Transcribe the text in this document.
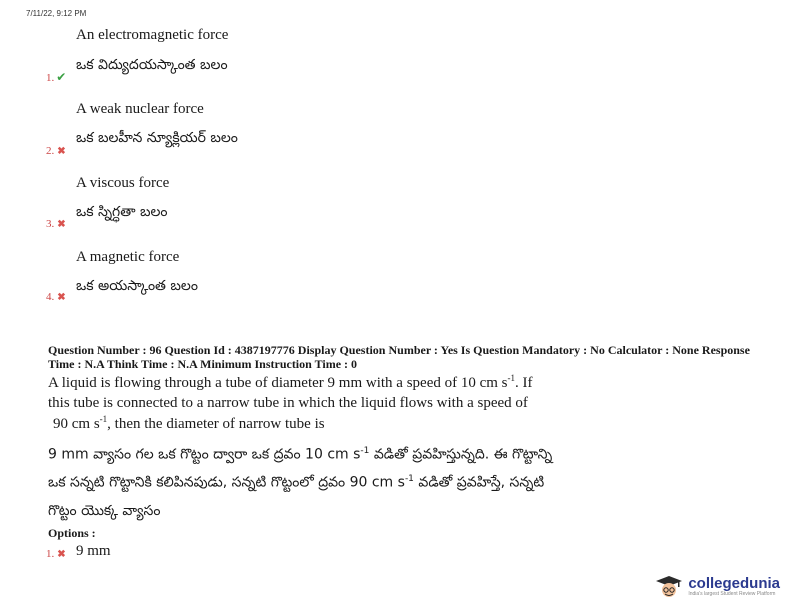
7/11/22, 9:12 PM
An electromagnetic force
ఒక విద్యుదయస్కాంత బలం
1. ✔
A weak nuclear force
ఒక బలహీన న్యూక్లియర్ బలం
2. ✖
A viscous force
ఒక స్నిగ్ధతా బలం
3. ✖
A magnetic force
ఒక అయస్కాంత బలం
4. ✖
Question Number : 96 Question Id : 4387197776 Display Question Number : Yes Is Question Mandatory : No Calculator : None Response
Time : N.A Think Time : N.A Minimum Instruction Time : 0
A liquid is flowing through a tube of diameter 9 mm with a speed of 10 cm $s^{-1}$. If
this tube is connected to a narrow tube in which the liquid flows with a speed of
90 cm $s^{-1}$, then the diameter of narrow tube is
9 mm వ్యాసం గల ఒక గొట్టం ద్వారా ఒక ద్రవం 10 cm $s^{-1}$ వడితో ప్రవహిస్తున్నది. ఈ గొట్టాన్ని
ఒక సన్నటి గొట్టానికి కలిపినపుడు, సన్నటి గొట్టంలో ద్రవం 90 cm $s^{-1}$ వడితో ప్రవహిస్తే, సన్నటి
గొట్టం యొక్క వ్యాసం
Options :
1. ✖ 9 mm
collegedunia
India's largest Student Review Platform
